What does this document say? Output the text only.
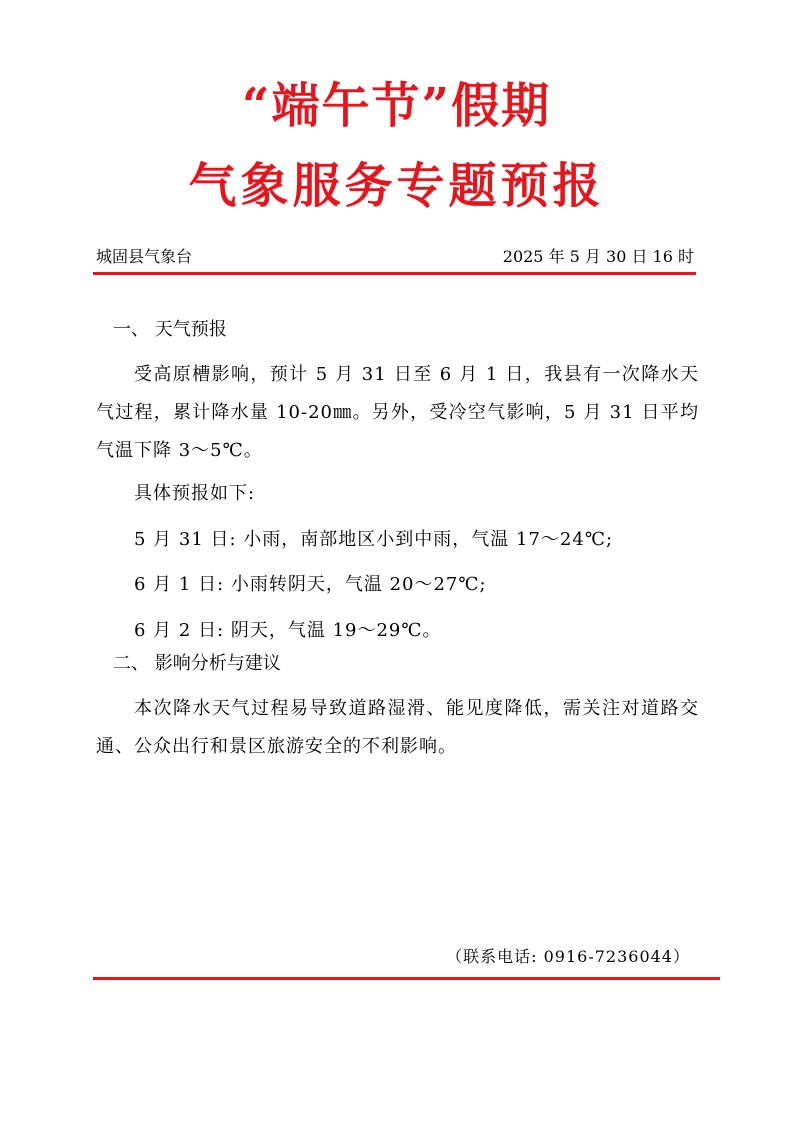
“端午节”假期
气象服务专题预报
城固县气象台	2025 年 5 月 30 日 16 时
一、 天气预报
受高原槽影响，预计 5 月 31 日至 6 月 1 日，我县有一次降水天气过程，累计降水量 10-20㎜。另外，受冷空气影响，5 月 31 日平均气温下降 3～5℃。
具体预报如下:
5 月 31 日: 小雨，南部地区小到中雨，气温 17～24℃;
6 月 1 日: 小雨转阴天，气温 20～27℃;
6 月 2 日: 阴天，气温 19～29℃。
二、 影响分析与建议
本次降水天气过程易导致道路湿滑、能见度降低，需关注对道路交通、公众出行和景区旅游安全的不利影响。
（联系电话: 0916-7236044）
